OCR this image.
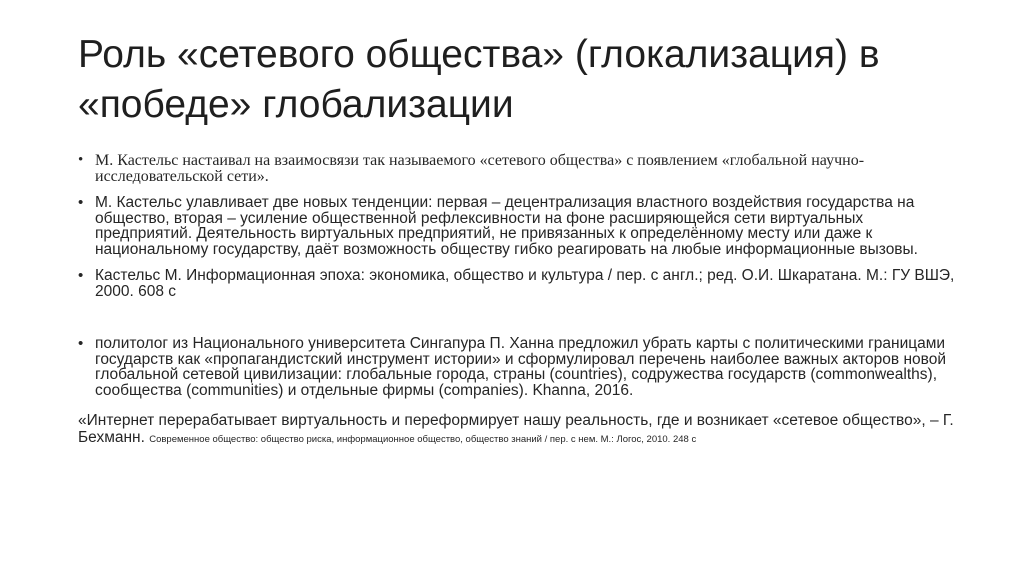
Роль «сетевого общества» (глокализация) в «победе» глобализации
• М. Кастельс настаивал на взаимосвязи так называемого «сетевого общества» с появлением «глобальной научно-исследовательской сети».
• М. Кастельс улавливает две новых тенденции: первая – децентрализация властного воздействия государства на общество, вторая – усиление общественной рефлексивности на фоне расширяющейся сети виртуальных предприятий. Деятельность виртуальных предприятий, не привязанных к определённому месту или даже к национальному государству, даёт возможность обществу гибко реагировать на любые информационные вызовы.
• Кастельс М. Информационная эпоха: экономика, общество и культура / пер. с англ.; ред. О.И. Шкаратана. М.: ГУ ВШЭ, 2000. 608 с
• политолог из Национального университета Сингапура П. Ханна предложил убрать карты с политическими границами государств как «пропагандистский инструмент истории» и сформулировал перечень наиболее важных акторов новой глобальной сетевой цивилизации: глобальные города, страны (countries), содружества государств (commonwealths), сообщества (communities) и отдельные фирмы (companies). Khanna, 2016.
«Интернет перерабатывает виртуальность и переформирует нашу реальность, где и возникает «сетевое общество», – Г. Бехманн. Современное общество: общество риска, информационное общество, общество знаний / пер. с нем. М.: Логос, 2010. 248 с
